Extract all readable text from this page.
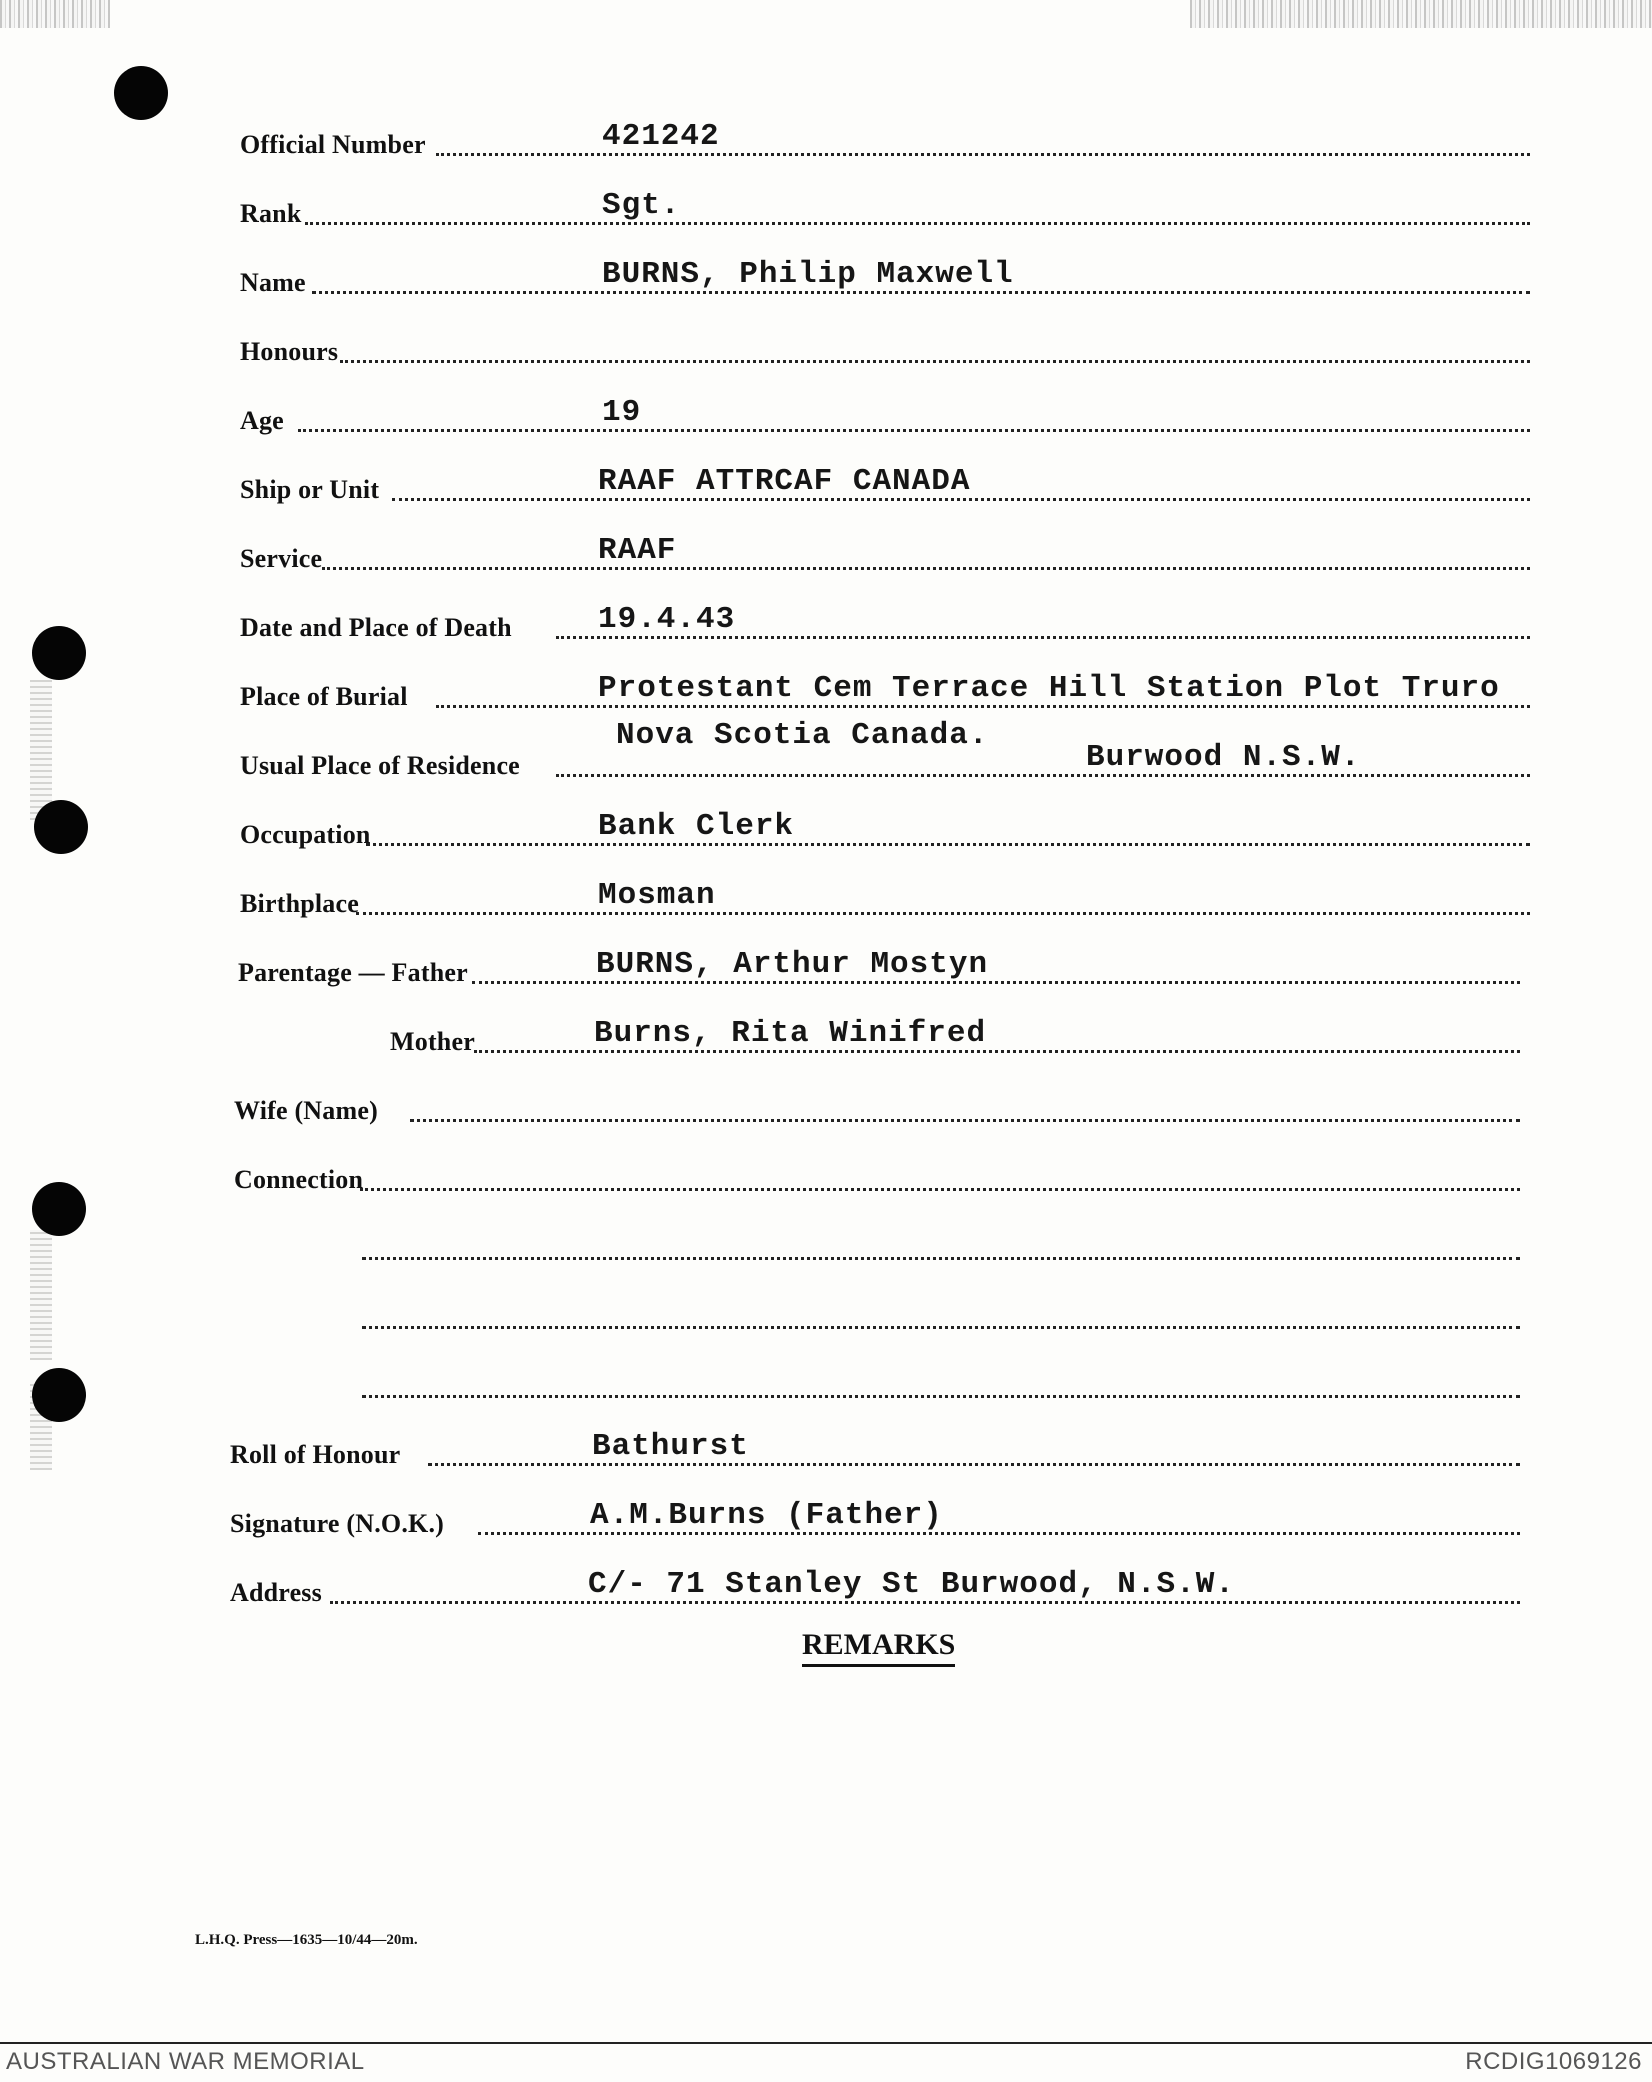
Official Number	421242
Rank	Sgt.
Name	BURNS, Philip Maxwell
Honours
Age	19
Ship or Unit	RAAF ATTRCAF CANADA
Service	RAAF
Date and Place of Death	19.4.43
Place of Burial	Protestant Cem Terrace Hill Station Plot Truro
Nova Scotia Canada.
Usual Place of Residence	Burwood N.S.W.
Occupation	Bank Clerk
Birthplace	Mosman
Parentage — Father	BURNS, Arthur Mostyn
Mother	Burns, Rita Winifred
Wife (Name)
Connection
Roll of Honour	Bathurst
Signature (N.O.K.)	A.M.Burns (Father)
Address	C/- 71 Stanley St Burwood, N.S.W.
REMARKS
L.H.Q. Press—1635—10/44—20m.
AUSTRALIAN WAR MEMORIAL	RCDIG1069126
